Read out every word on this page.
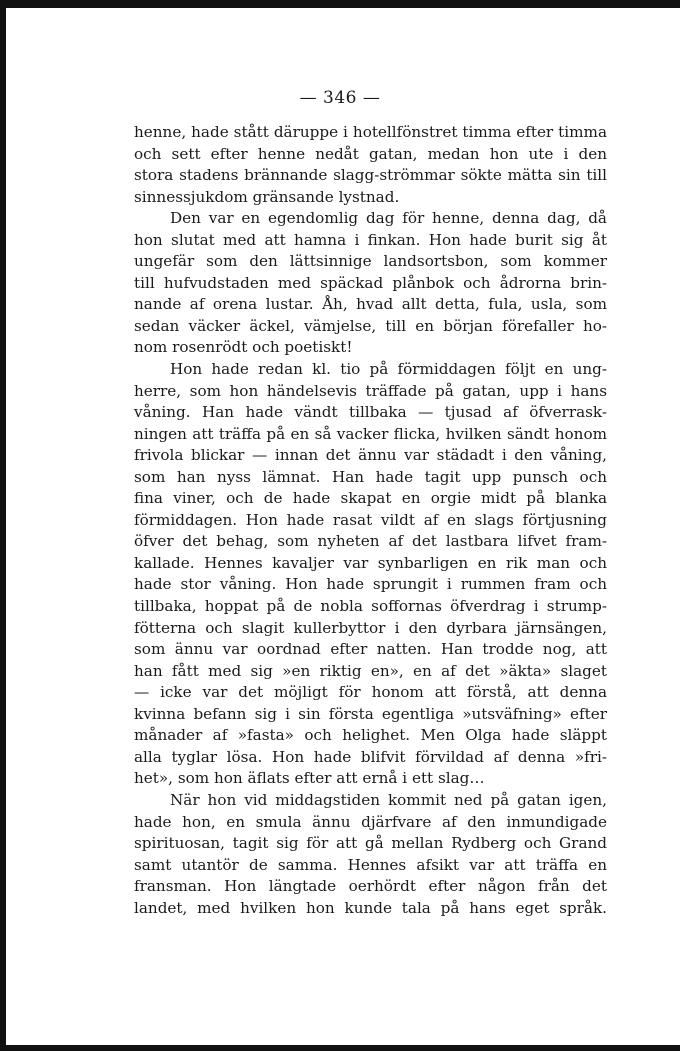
— 346 —
henne, hade stått däruppe i hotellfönstret timma efter timma
och sett efter henne nedåt gatan, medan hon ute i den
stora stadens brännande slagg-strömmar sökte mätta sin till
sinnessjukdom gränsande lystnad.
Den var en egendomlig dag för henne, denna dag, då
hon slutat med att hamna i finkan. Hon hade burit sig åt
ungefär som den lättsinnige landsortsbon, som kommer
till hufvudstaden med späckad plånbok och ådrorna brin-
nande af orena lustar. Åh, hvad allt detta, fula, usla, som
sedan väcker äckel, vämjelse, till en början förefaller ho-
nom rosenrödt och poetiskt!
Hon hade redan kl. tio på förmiddagen följt en ung-
herre, som hon händelsevis träffade på gatan, upp i hans
våning. Han hade vändt tillbaka — tjusad af öfverrask-
ningen att träffa på en så vacker flicka, hvilken sändt honom
frivola blickar — innan det ännu var städadt i den våning,
som han nyss lämnat. Han hade tagit upp punsch och
fina viner, och de hade skapat en orgie midt på blanka
förmiddagen. Hon hade rasat vildt af en slags förtjusning
öfver det behag, som nyheten af det lastbara lifvet fram-
kallade. Hennes kavaljer var synbarligen en rik man och
hade stor våning. Hon hade sprungit i rummen fram och
tillbaka, hoppat på de nobla soffornas öfverdrag i strump-
fötterna och slagit kullerbyttor i den dyrbara järnsängen,
som ännu var oordnad efter natten. Han trodde nog, att
han fått med sig »en riktig en», en af det »äkta» slaget
— icke var det möjligt för honom att förstå, att denna
kvinna befann sig i sin första egentliga »utsväfning» efter
månader af »fasta» och helighet. Men Olga hade släppt
alla tyglar lösa. Hon hade blifvit förvildad af denna »fri-
het», som hon äflats efter att ernå i ett slag…
När hon vid middagstiden kommit ned på gatan igen,
hade hon, en smula ännu djärfvare af den inmundigade
spirituosan, tagit sig för att gå mellan Rydberg och Grand
samt utantör de samma. Hennes afsikt var att träffa en
fransman. Hon längtade oerhördt efter någon från det
landet, med hvilken hon kunde tala på hans eget språk.
